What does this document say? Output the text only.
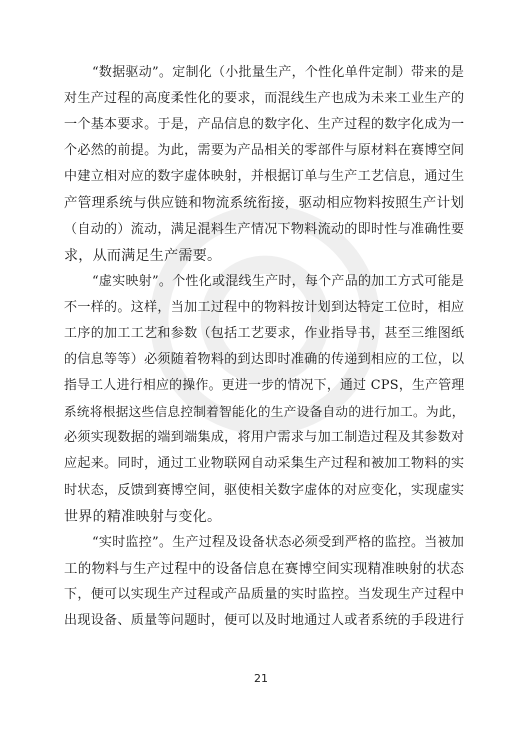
“数据驱动”。定制化（小批量生产，个性化单件定制）带来的是
对生产过程的高度柔性化的要求，而混线生产也成为未来工业生产的
一个基本要求。于是，产品信息的数字化、生产过程的数字化成为一
个必然的前提。为此，需要为产品相关的零部件与原材料在赛博空间
中建立相对应的数字虚体映射，并根据订单与生产工艺信息，通过生
产管理系统与供应链和物流系统衔接，驱动相应物料按照生产计划
（自动的）流动，满足混料生产情况下物料流动的即时性与准确性要
求，从而满足生产需要。
“虚实映射”。个性化或混线生产时，每个产品的加工方式可能是
不一样的。这样，当加工过程中的物料按计划到达特定工位时，相应
工序的加工工艺和参数（包括工艺要求，作业指导书，甚至三维图纸
的信息等等）必须随着物料的到达即时准确的传递到相应的工位，以
指导工人进行相应的操作。更进一步的情况下，通过 CPS，生产管理
系统将根据这些信息控制着智能化的生产设备自动的进行加工。为此，
必须实现数据的端到端集成，将用户需求与加工制造过程及其参数对
应起来。同时，通过工业物联网自动采集生产过程和被加工物料的实
时状态，反馈到赛博空间，驱使相关数字虚体的对应变化，实现虚实
世界的精准映射与变化。
“实时监控”。生产过程及设备状态必须受到严格的监控。当被加
工的物料与生产过程中的设备信息在赛博空间实现精准映射的状态
下，便可以实现生产过程或产品质量的实时监控。当发现生产过程中
出现设备、质量等问题时，便可以及时地通过人或者系统的手段进行
21
